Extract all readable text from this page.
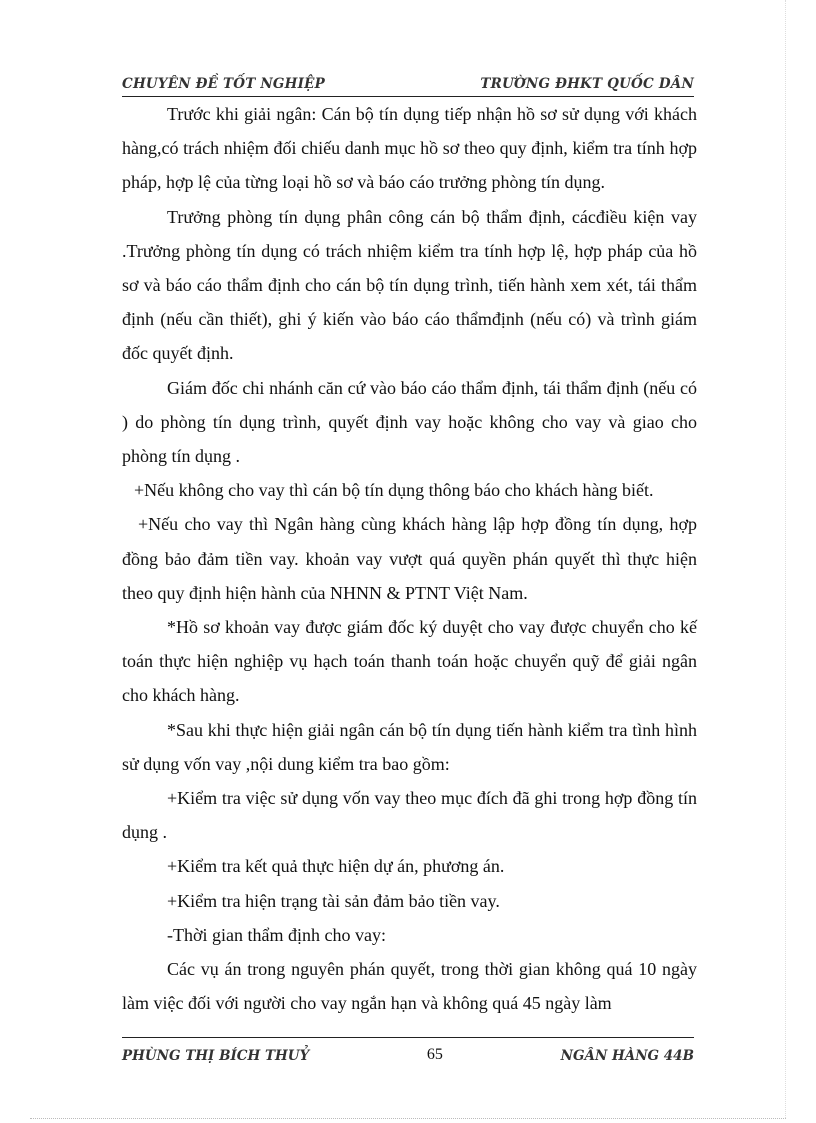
CHUYÊN ĐỀ TỐT NGHIỆP	TRƯỜNG ĐHKT QUỐC DÂN

Trước khi giải ngân: Cán bộ tín dụng tiếp nhận hồ sơ sử dụng với khách hàng,có trách nhiệm đối chiếu danh mục hồ sơ theo quy định, kiểm tra tính hợp pháp, hợp lệ của từng loại hồ sơ và báo cáo trưởng phòng tín dụng.

Trưởng phòng tín dụng phân công cán bộ thẩm định, cácđiều kiện vay .Trưởng phòng tín dụng có trách nhiệm kiểm tra tính hợp lệ, hợp pháp của hồ sơ và báo cáo thẩm định cho cán bộ tín dụng trình, tiến hành xem xét, tái thẩm định (nếu cần thiết), ghi ý kiến vào báo cáo thẩmđịnh (nếu có) và trình giám đốc quyết định.

Giám đốc chi nhánh căn cứ vào báo cáo thẩm định, tái thẩm định (nếu có ) do phòng tín dụng trình, quyết định vay hoặc không cho vay và giao cho phòng tín dụng .

+Nếu không cho vay thì cán bộ tín dụng thông báo cho khách hàng biết.

+Nếu cho vay thì Ngân hàng cùng khách hàng lập hợp đồng tín dụng, hợp đồng bảo đảm tiền vay. khoản vay vượt quá quyền phán quyết thì thực hiện theo quy định hiện hành của NHNN & PTNT Việt Nam.

*Hồ sơ khoản vay được giám đốc ký duyệt cho vay được chuyển cho kế toán thực hiện nghiệp vụ hạch toán thanh toán hoặc chuyển quỹ để giải ngân cho khách hàng.

*Sau khi thực hiện giải ngân cán bộ tín dụng tiến hành kiểm tra tình hình sử dụng vốn vay ,nội dung kiểm tra bao gồm:

+Kiểm tra việc sử dụng vốn vay theo mục đích đã ghi trong hợp đồng tín dụng .

+Kiểm tra kết quả thực hiện dự án, phương án.

+Kiểm tra hiện trạng tài sản đảm bảo tiền vay.

-Thời gian thẩm định cho vay:

Các vụ án trong nguyên phán quyết, trong thời gian không quá 10 ngày làm việc đối với người cho vay ngắn hạn và không quá 45 ngày làm

PHÙNG THỊ BÍCH THUỶ	65	NGÂN HÀNG 44B
